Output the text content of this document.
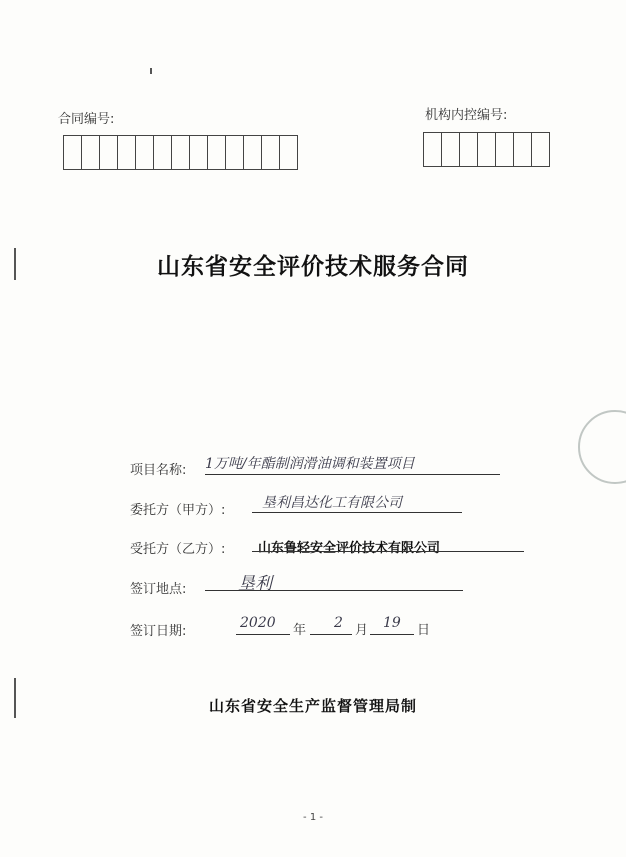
合同编号:	机构内控编号:
山东省安全评价技术服务合同
项目名称: 1万吨/年酯制润滑油调和装置项目
委托方（甲方）:	垦利昌达化工有限公司
受托方（乙方）:	山东鲁轻安全评价技术有限公司
签订地点:	垦利
签订日期:
2020 年 2 月 19 日
山东省安全生产监督管理局制
- 1 -
